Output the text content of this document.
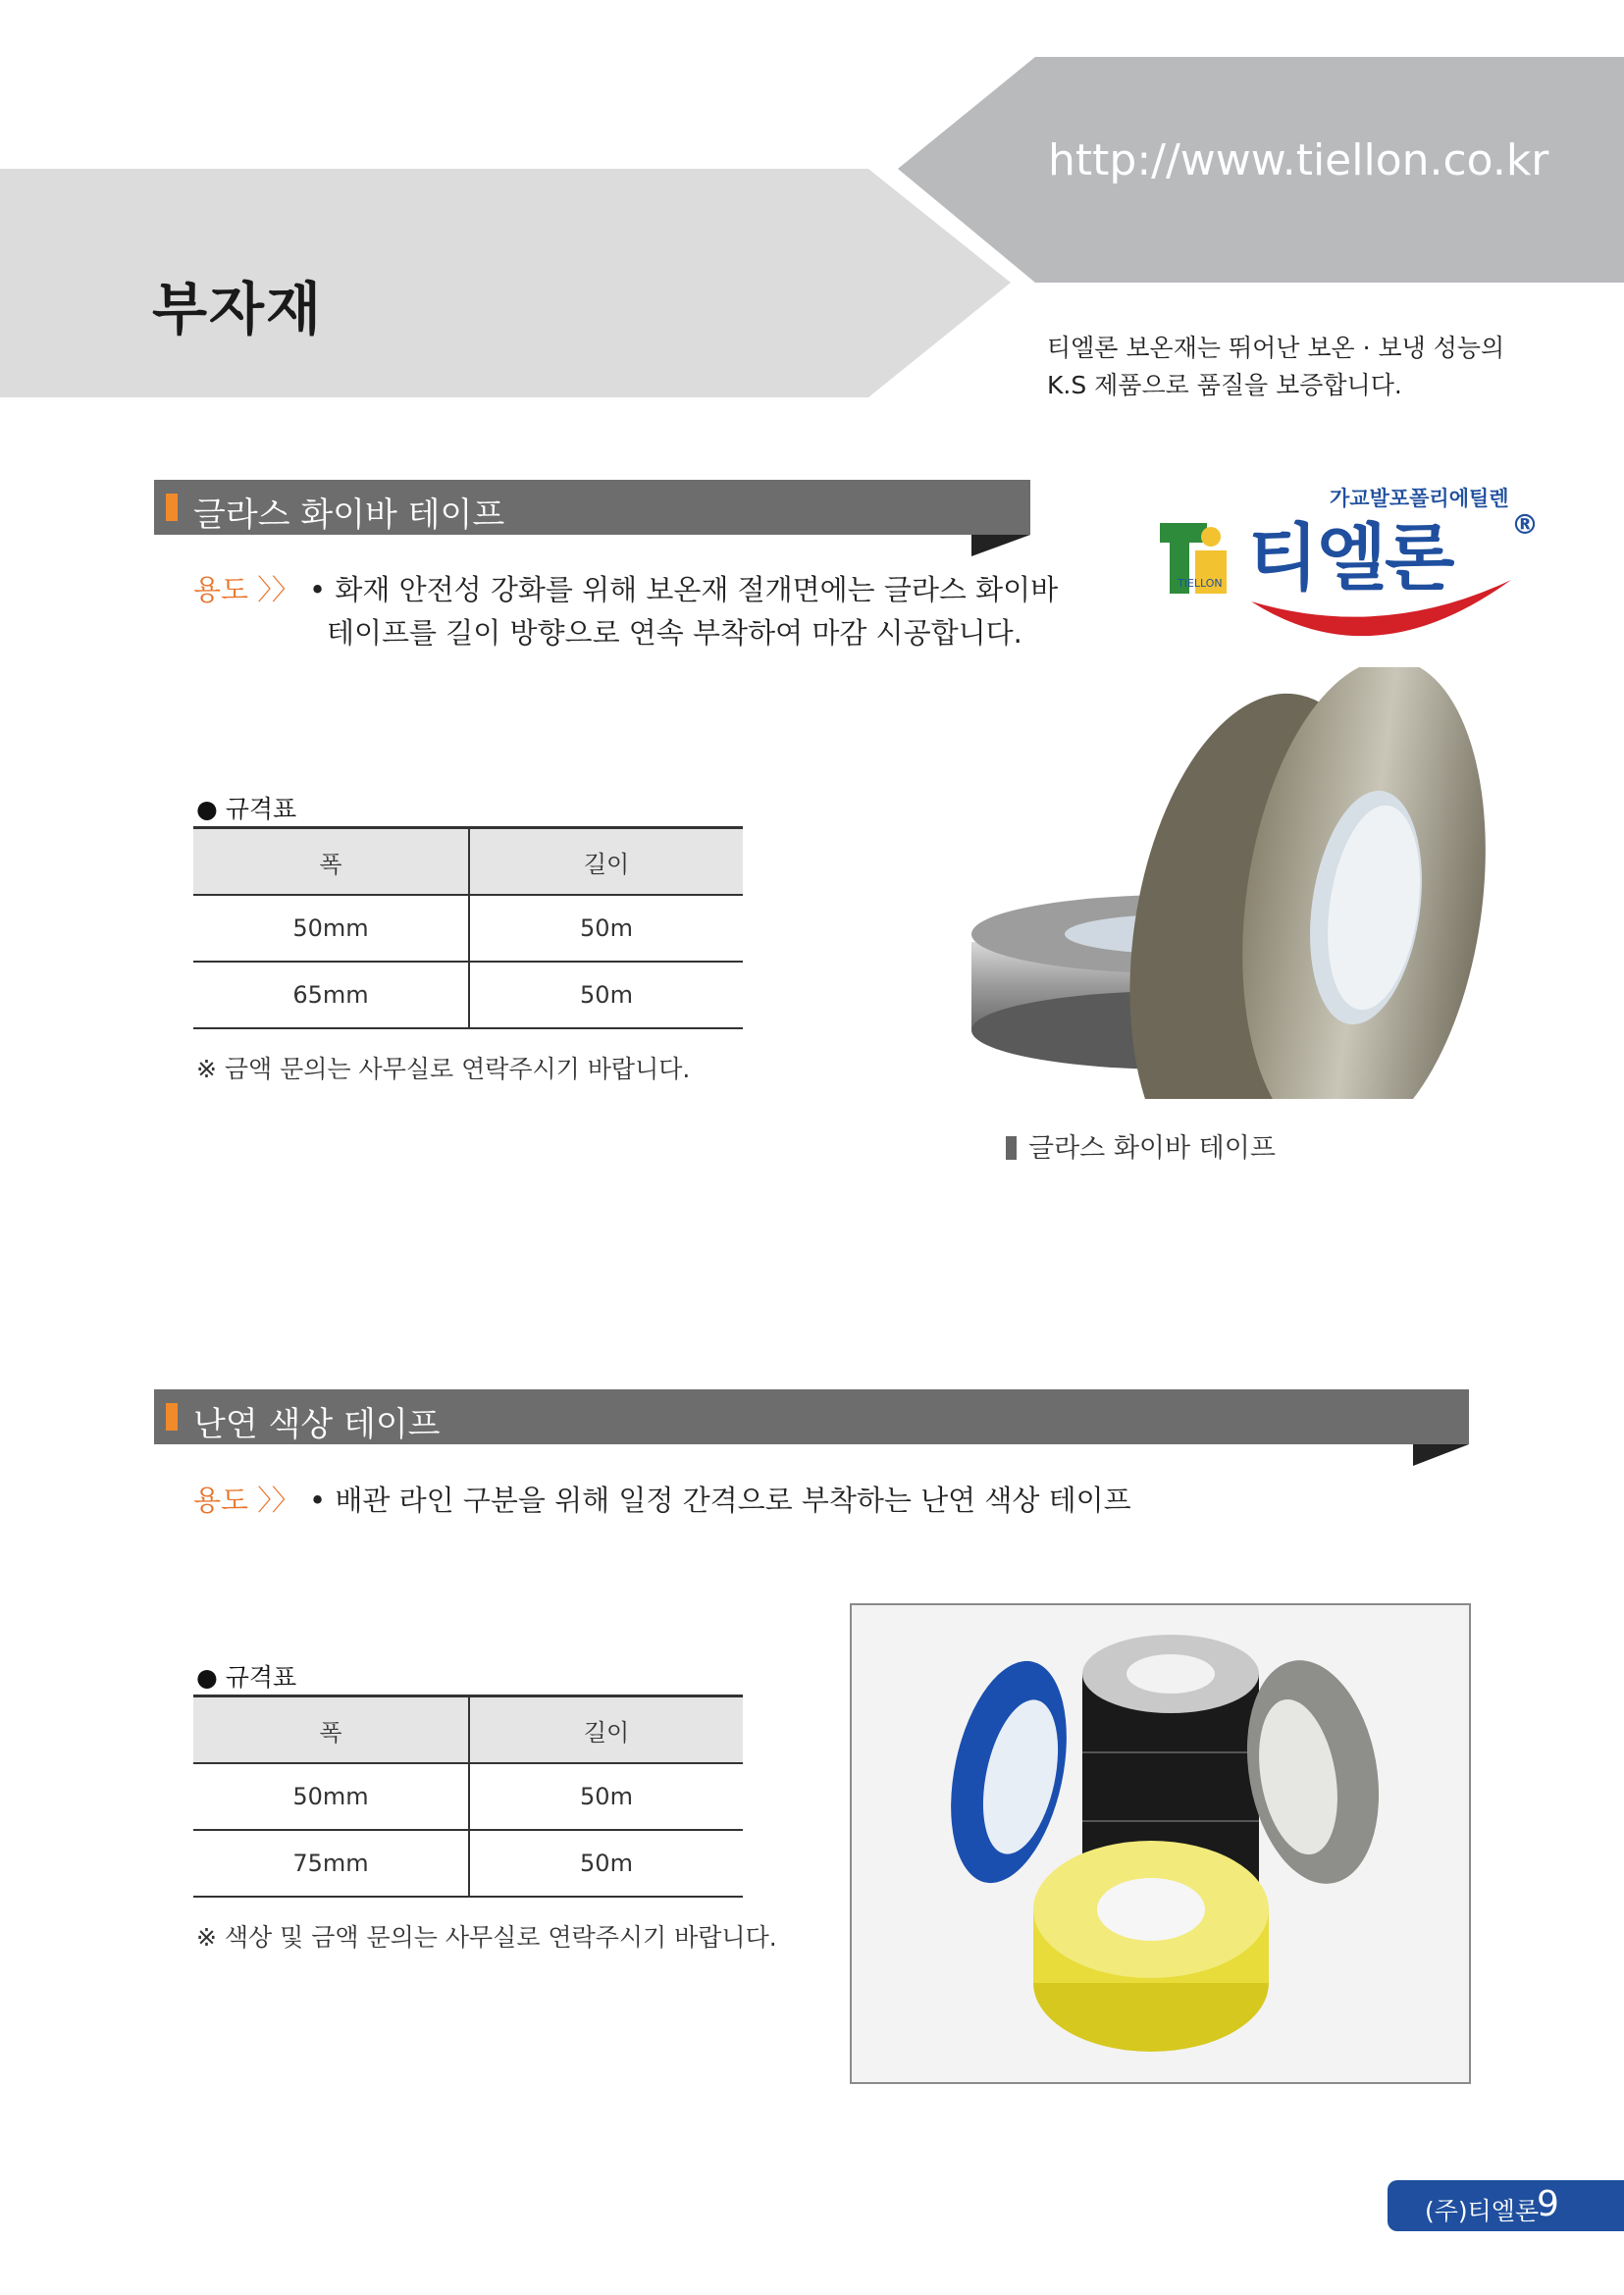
부자재
http://www.tiellon.co.kr
티엘론 보온재는 뛰어난 보온 · 보냉 성능의
K.S 제품으로 품질을 보증합니다.
가교발포폴리에틸렌
티엘론 ®
TIELLON
글라스 화이바 테이프
용도 〉〉 • 화재 안전성 강화를 위해 보온재 절개면에는 글라스 화이바
테이프를 길이 방향으로 연속 부착하여 마감 시공합니다.
● 규격표
폭	길이
50mm	50m
65mm	50m
※ 금액 문의는 사무실로 연락주시기 바랍니다.
글라스 화이바 테이프
난연 색상 테이프
용도 〉〉 • 배관 라인 구분을 위해 일정 간격으로 부착하는 난연 색상 테이프
● 규격표
폭	길이
50mm	50m
75mm	50m
※ 색상 및 금액 문의는 사무실로 연락주시기 바랍니다.
(주)티엘론
9
